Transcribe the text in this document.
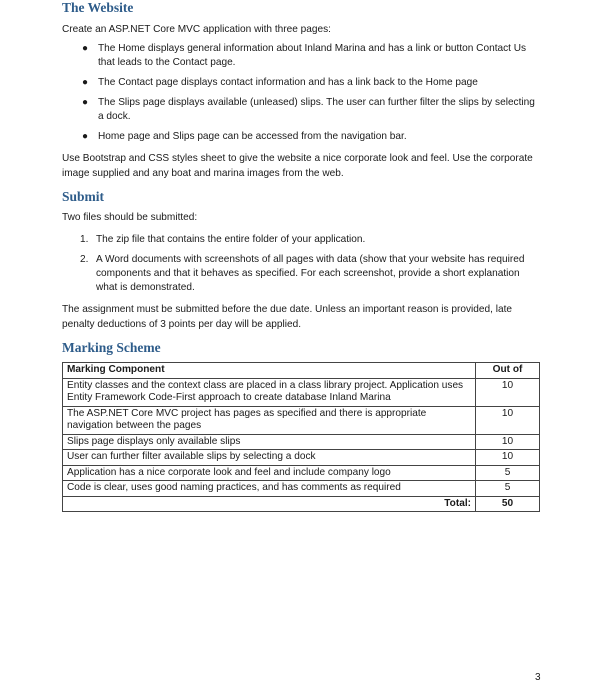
The Website

Create an ASP.NET Core MVC application with three pages:

● The Home displays general information about Inland Marina and has a link or button Contact Us that leads to the Contact page.
● The Contact page displays contact information and has a link back to the Home page
● The Slips page displays available (unleased) slips. The user can further filter the slips by selecting a dock.
● Home page and Slips page can be accessed from the navigation bar.

Use Bootstrap and CSS styles sheet to give the website a nice corporate look and feel. Use the corporate image supplied and any boat and marina images from the web.

Submit

Two files should be submitted:

1. The zip file that contains the entire folder of your application.
2. A Word documents with screenshots of all pages with data (show that your website has required components and that it behaves as specified. For each screenshot, provide a short explanation what is demonstrated.

The assignment must be submitted before the due date. Unless an important reason is provided, late penalty deductions of 3 points per day will be applied.

Marking Scheme
Marking Component	Out of
Entity classes and the context class are placed in a class library project. Application uses Entity Framework Code-First approach to create database Inland Marina	10
The ASP.NET Core MVC project has pages as specified and there is appropriate navigation between the pages	10
Slips page displays only available slips	10
User can further filter available slips by selecting a dock	10
Application has a nice corporate look and feel and include company logo	5
Code is clear, uses good naming practices, and has comments as required	5
Total:	50
3
